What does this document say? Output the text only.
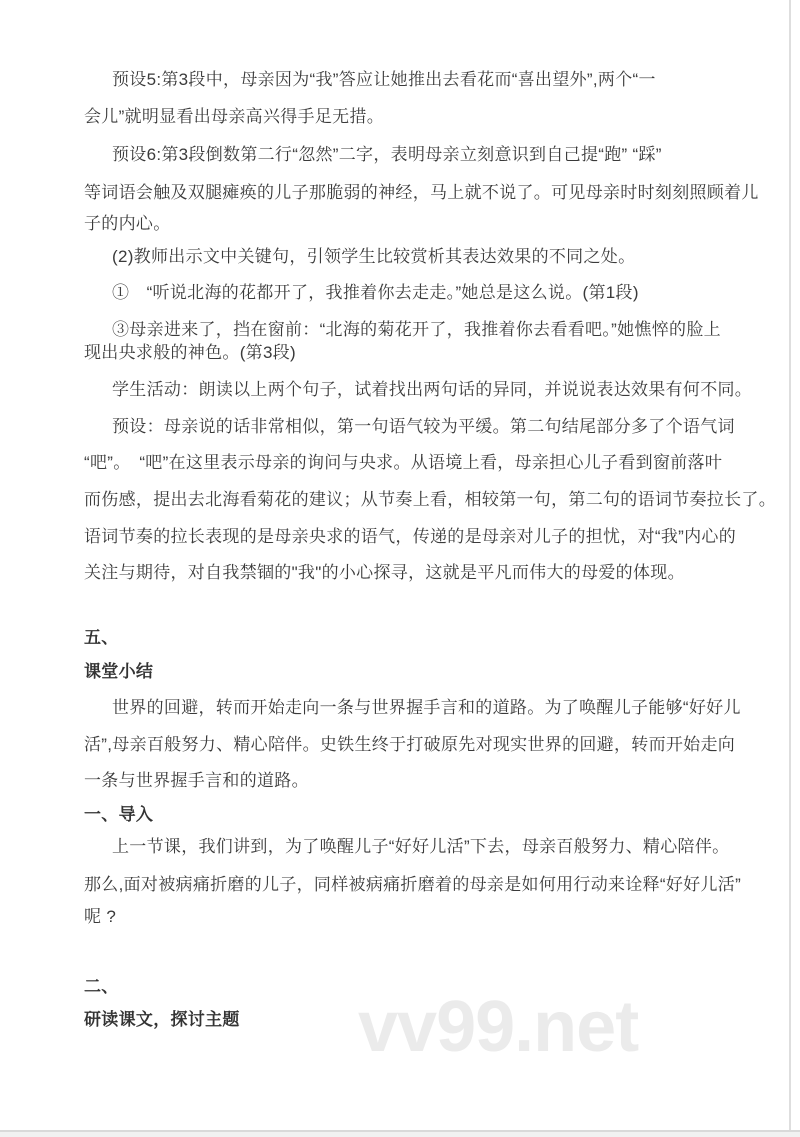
vv99.net
预设5:第3段中，母亲因为“我”答应让她推出去看花而“喜出望外”,两个“一
会儿”就明显看出母亲高兴得手足无措。
预设6:第3段倒数第二行“忽然”二字，表明母亲立刻意识到自己提“跑” “踩”
等词语会触及双腿瘫痪的儿子那脆弱的神经，马上就不说了。可见母亲时时刻刻照顾着儿
子的内心。
(2)教师出示文中关键句，引领学生比较赏析其表达效果的不同之处。
①　“听说北海的花都开了，我推着你去走走。”她总是这么说。(第1段)
③母亲进来了，挡在窗前：“北海的菊花开了，我推着你去看看吧。”她憔悴的脸上
现出央求般的神色。(第3段)
学生活动：朗读以上两个句子，试着找出两句话的异同，并说说表达效果有何不同。
预设：母亲说的话非常相似，第一句语气较为平缓。第二句结尾部分多了个语气词
“吧”。　“吧”在这里表示母亲的询问与央求。从语境上看，母亲担心儿子看到窗前落叶
而伤感，提出去北海看菊花的建议；从节奏上看，相较第一句，第二句的语词节奏拉长了。
语词节奏的拉长表现的是母亲央求的语气，传递的是母亲对儿子的担忧，对“我”内心的
关注与期待，对自我禁锢的"我"的小心探寻，这就是平凡而伟大的母爱的体现。
五、
课堂小结
世界的回避，转而开始走向一条与世界握手言和的道路。为了唤醒儿子能够“好好儿
活”,母亲百般努力、精心陪伴。史铁生终于打破原先对现实世界的回避，转而开始走向
一条与世界握手言和的道路。
一、导入
上一节课，我们讲到，为了唤醒儿子“好好儿活”下去，母亲百般努力、精心陪伴。
那么,面对被病痛折磨的儿子，同样被病痛折磨着的母亲是如何用行动来诠释“好好儿活”
呢 ?
二、
研读课文，探讨主题
